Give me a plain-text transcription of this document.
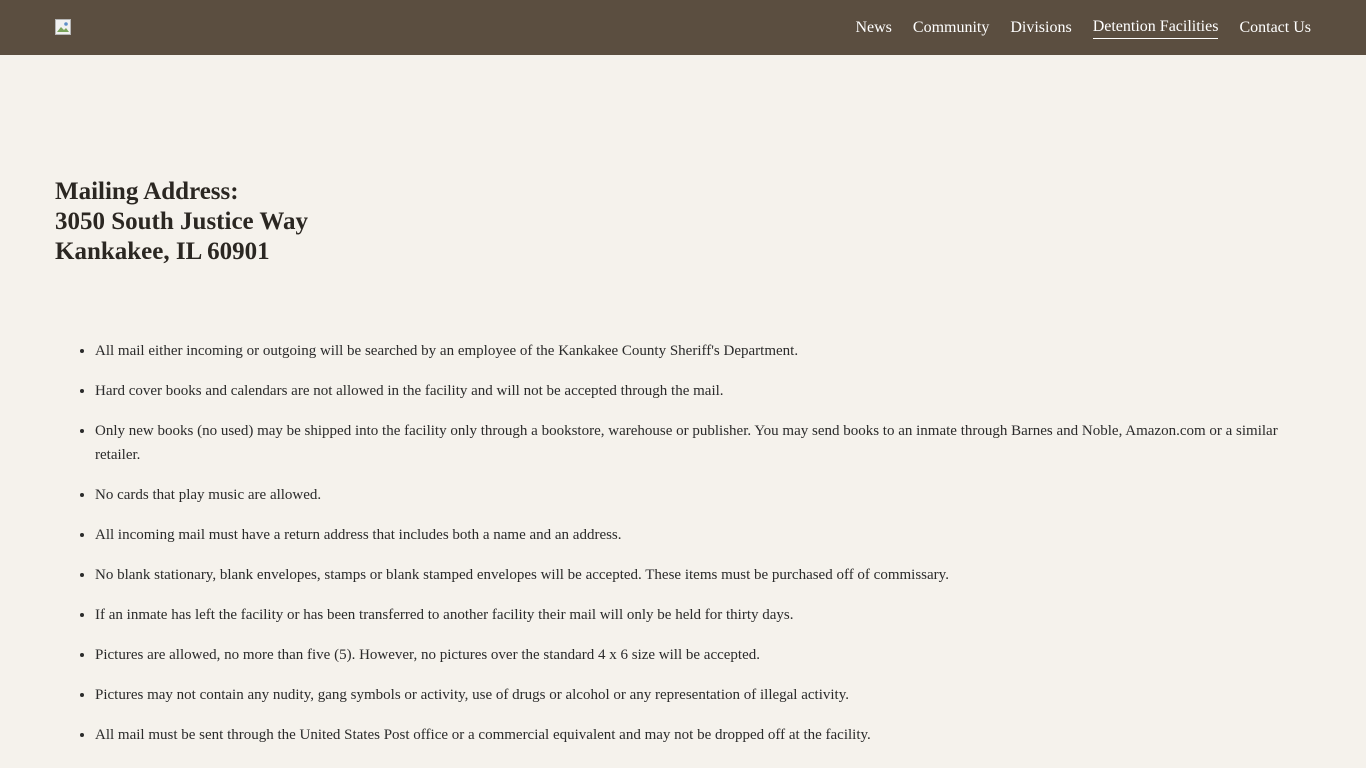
News Community Divisions Detention Facilities Contact Us
Mailing Address:
3050 South Justice Way
Kankakee, IL 60901
• All mail either incoming or outgoing will be searched by an employee of the Kankakee County Sheriff's Department.
• Hard cover books and calendars are not allowed in the facility and will not be accepted through the mail.
• Only new books (no used) may be shipped into the facility only through a bookstore, warehouse or publisher. You may send books to an inmate through Barnes and Noble, Amazon.com or a similar retailer.
• No cards that play music are allowed.
• All incoming mail must have a return address that includes both a name and an address.
• No blank stationary, blank envelopes, stamps or blank stamped envelopes will be accepted. These items must be purchased off of commissary.
• If an inmate has left the facility or has been transferred to another facility their mail will only be held for thirty days.
• Pictures are allowed, no more than five (5). However, no pictures over the standard 4 x 6 size will be accepted.
• Pictures may not contain any nudity, gang symbols or activity, use of drugs or alcohol or any representation of illegal activity.
• All mail must be sent through the United States Post office or a commercial equivalent and may not be dropped off at the facility.
